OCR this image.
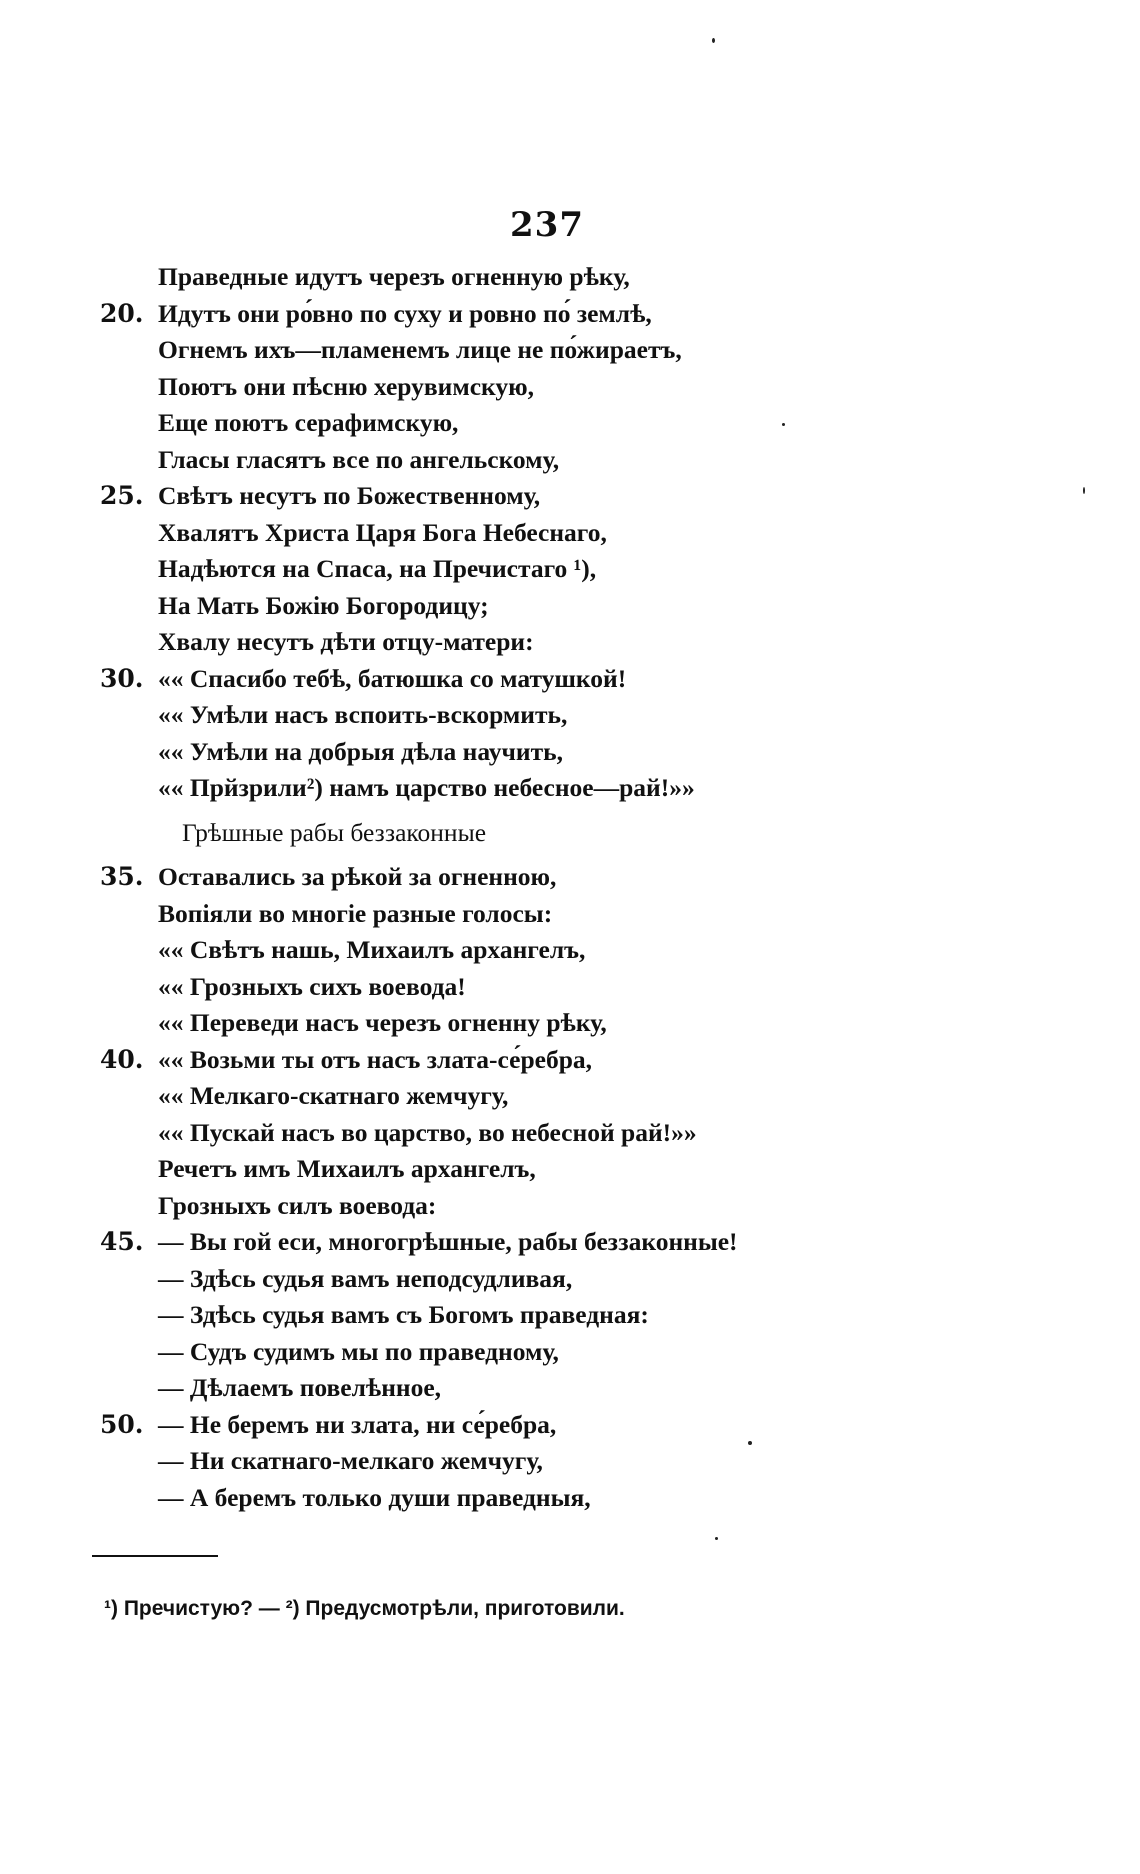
237
Праведные идутъ черезъ огненную рѣку,
20. Идутъ они ро́вно по суху и ровно по́ землѣ,
Огнемъ ихъ—пламенемъ лице не по́жираетъ,
Поютъ они пѣсню херувимскую,
Еще поютъ серафимскую,
Гласы гласятъ все по ангельскому,
25. Свѣтъ несутъ по Божественному,
Хвалятъ Христа Царя Бога Небеснаго,
Надѣются на Спаса, на Пречистаго ¹),
На Мать Божію Богородицу;
Хвалу несутъ дѣти отцу-матери:
30. «« Спасибо тебѣ, батюшка со матушкой!
«« Умѣли насъ вспоить-вскормить,
«« Умѣли на добрыя дѣла научить,
«« Прйзрили²) намъ царство небесное—рай!»»
Грѣшные рабы беззаконные
35. Оставались за рѣкой за огненною,
Вопіяли во многіе разные голосы:
«« Свѣтъ нашь, Михаилъ архангелъ,
«« Грозныхъ сихъ воевода!
«« Переведи насъ черезъ огненну рѣку,
40. «« Возьми ты отъ насъ злата-се́ребра,
«« Мелкаго-скатнаго жемчугу,
«« Пускай насъ во царство, во небесной рай!»»
Речетъ имъ Михаилъ архангелъ,
Грозныхъ силъ воевода:
45. — Вы гой еси, многогрѣшные, рабы беззаконные!
— Здѣсь судья вамъ неподсудливая,
— Здѣсь судья вамъ съ Богомъ праведная:
— Судъ судимъ мы по праведному,
— Дѣлаемъ повелѣнное,
50. — Не беремъ ни злата, ни се́ребра,
— Ни скатнаго-мелкаго жемчугу,
— А беремъ только души праведныя,
¹) Пречистую? — ²) Предусмотрѣли, приготовили.
